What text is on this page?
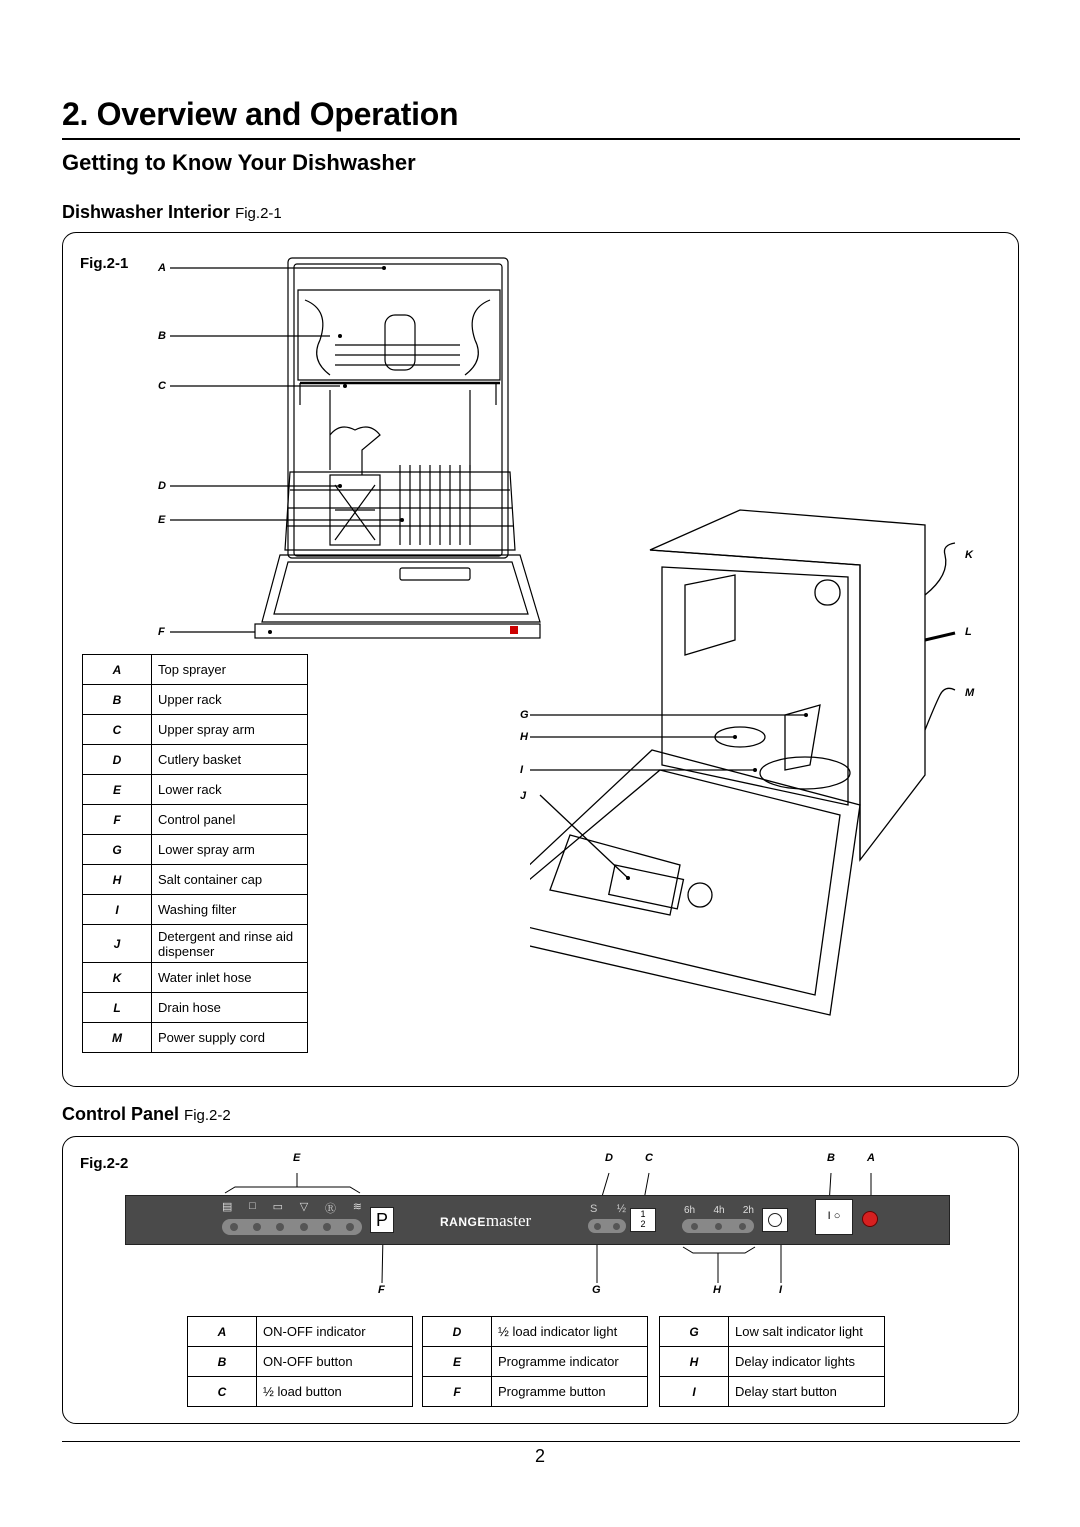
2. Overview and Operation
Getting to Know Your Dishwasher
Dishwasher Interior Fig.2-1
Fig.2-1	A
B
C
D
E
F
G
H
I
J
K
L
M
A	Top sprayer
B	Upper rack
C	Upper spray arm
D	Cutlery basket
E	Lower rack
F	Control panel
G	Lower spray arm
H	Salt container cap
I	Washing filter
J	Detergent and rinse aid dispenser
K	Water inlet hose
L	Drain hose
M	Power supply cord
Control Panel Fig.2-2
Fig.2-2	E	D	C	B	A
F	G	H	I
▤ □ ▭ ▽ Ⓡ ≋
P	RANGEmaster
S ½	1
2
6h 4h 2h	I ○
A	ON-OFF indicator
B	ON-OFF button
C	½ load button
D	½ load indicator light
E	Programme indicator
F	Programme button
G	Low salt indicator light
H	Delay indicator lights
I	Delay start button
2
